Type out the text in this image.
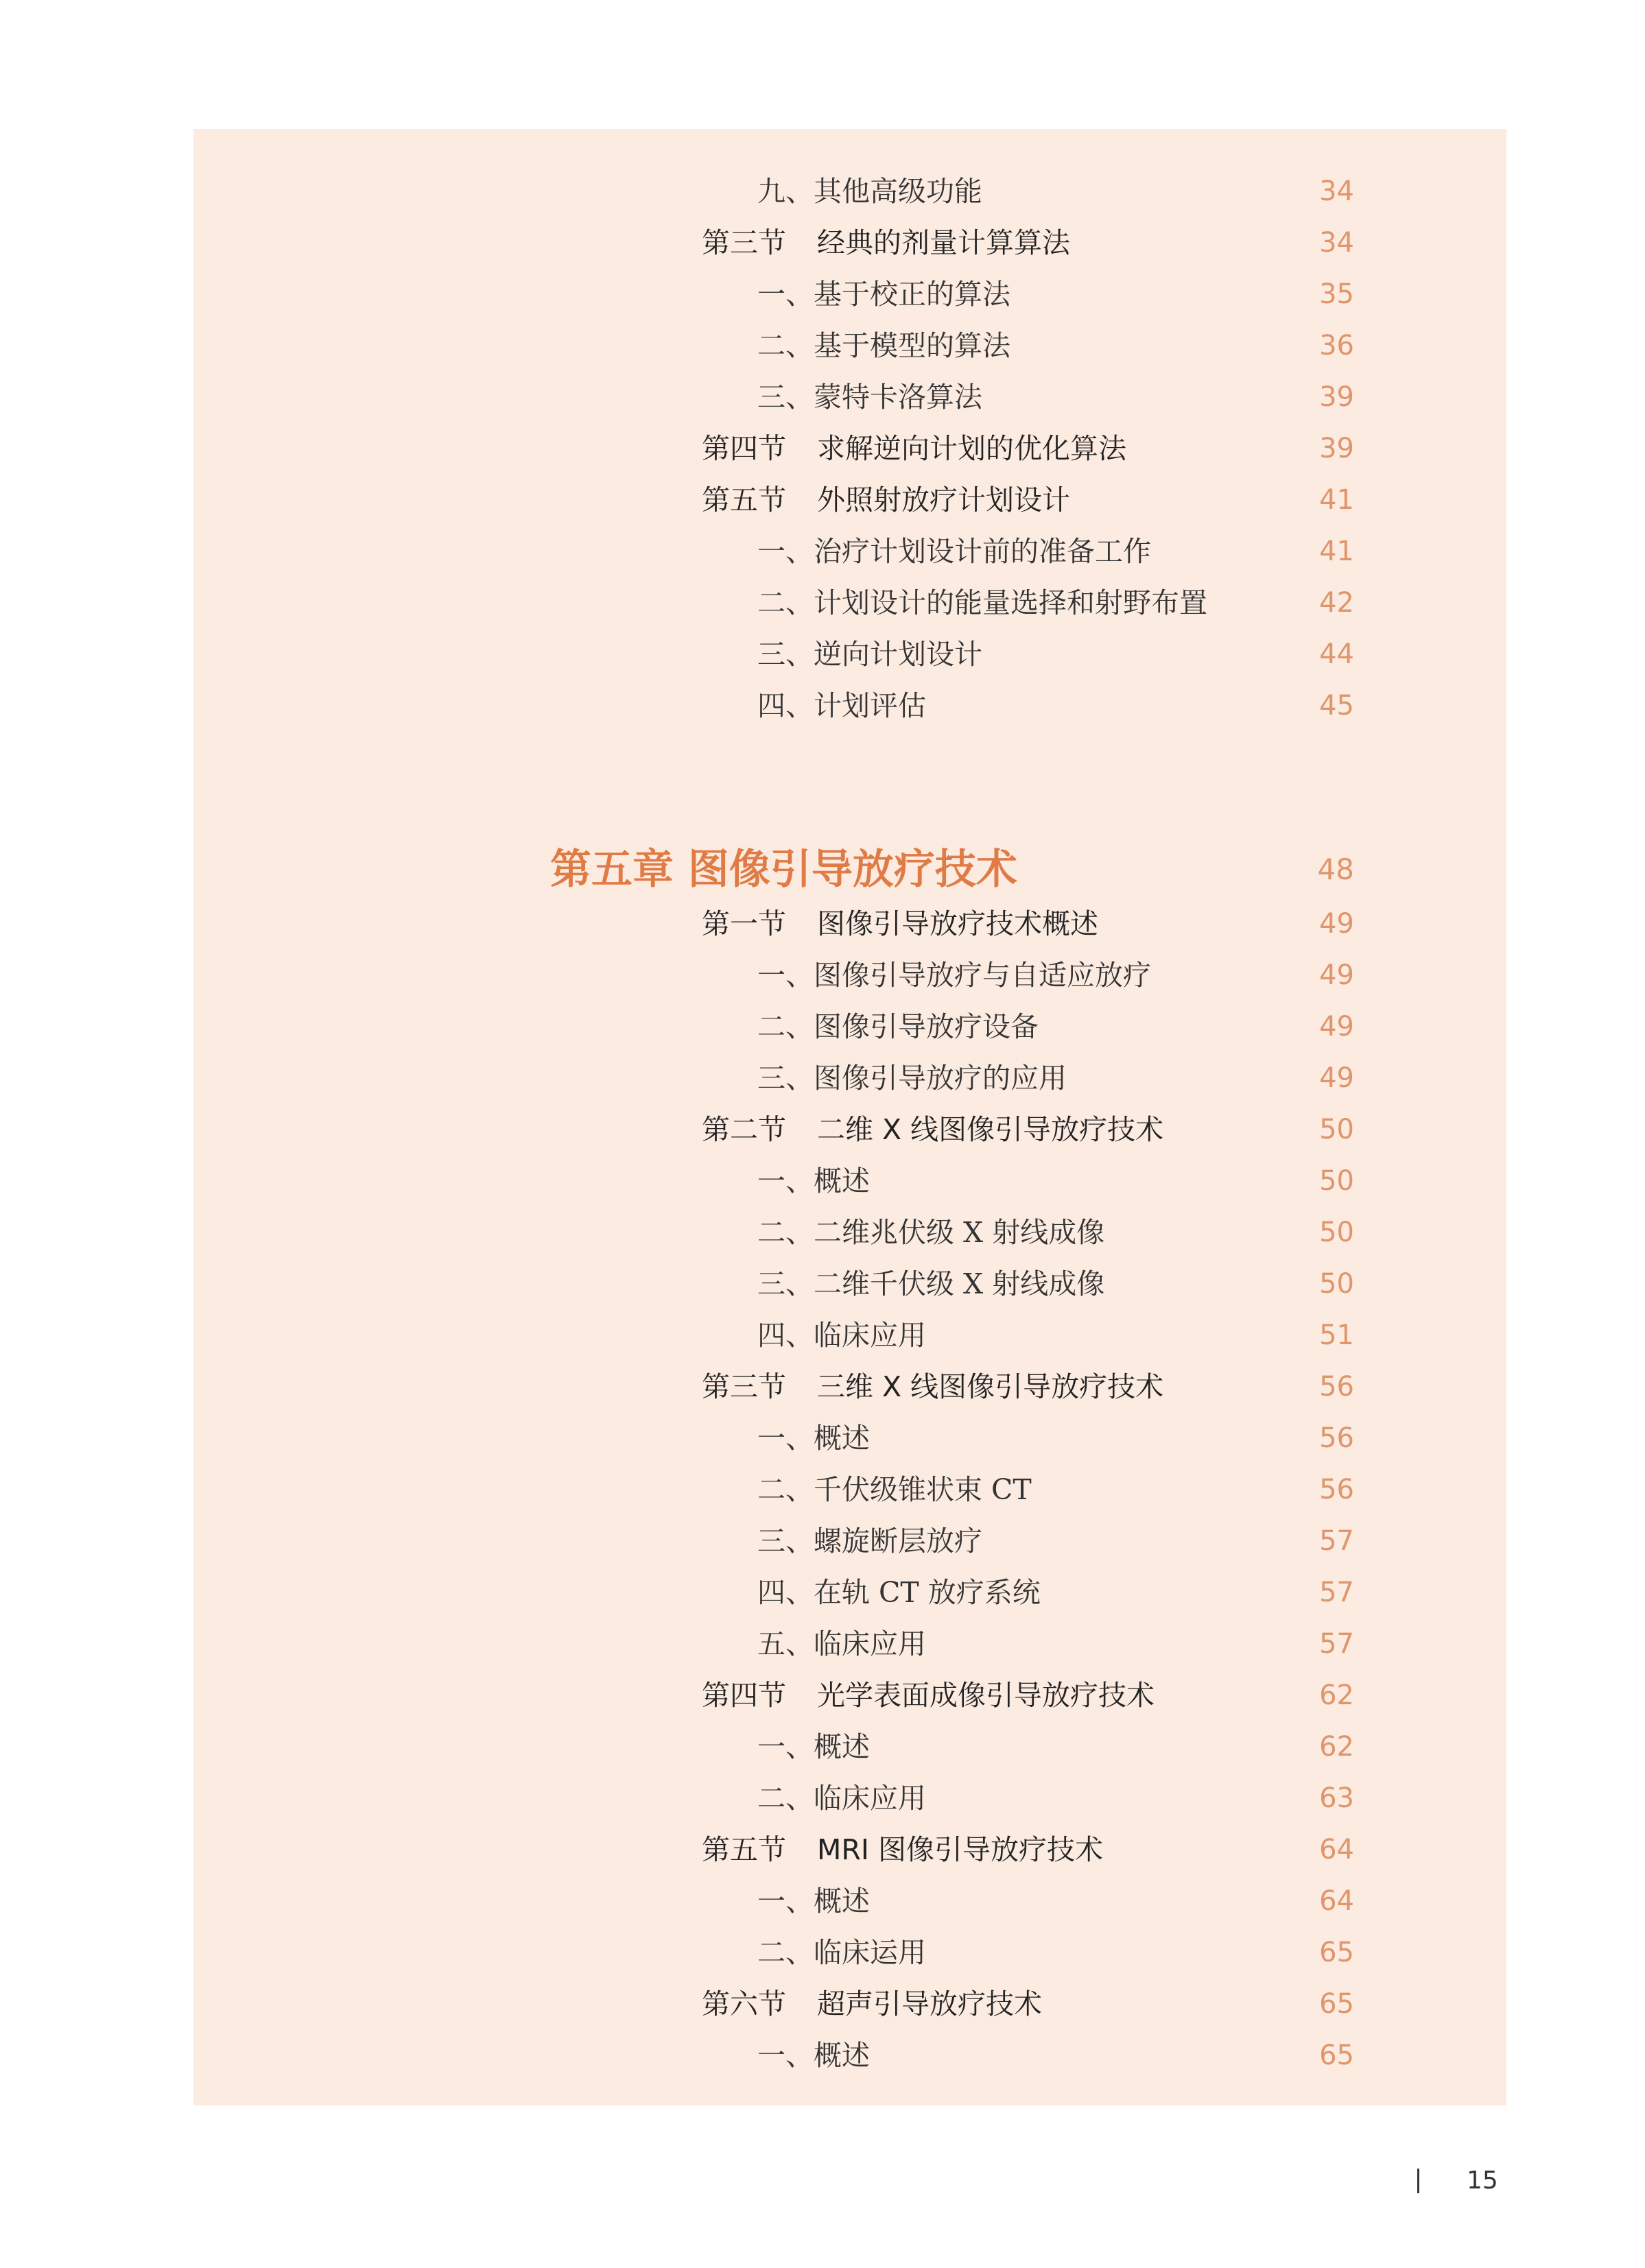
九、其他高级功能	34
第三节 经典的剂量计算算法	34
一、基于校正的算法	35
二、基于模型的算法	36
三、蒙特卡洛算法	39
第四节 求解逆向计划的优化算法	39
第五节 外照射放疗计划设计	41
一、治疗计划设计前的准备工作	41
二、计划设计的能量选择和射野布置	42
三、逆向计划设计	44
四、计划评估	45
第五章 图像引导放疗技术	48
第一节 图像引导放疗技术概述	49
一、图像引导放疗与自适应放疗	49
二、图像引导放疗设备	49
三、图像引导放疗的应用	49
第二节 二维 X 线图像引导放疗技术	50
一、概述	50
二、二维兆伏级 X 射线成像	50
三、二维千伏级 X 射线成像	50
四、临床应用	51
第三节 三维 X 线图像引导放疗技术	56
一、概述	56
二、千伏级锥状束 CT	56
三、螺旋断层放疗	57
四、在轨 CT 放疗系统	57
五、临床应用	57
第四节 光学表面成像引导放疗技术	62
一、概述	62
二、临床应用	63
第五节 MRI 图像引导放疗技术	64
一、概述	64
二、临床运用	65
第六节 超声引导放疗技术	65
一、概述	65
15
